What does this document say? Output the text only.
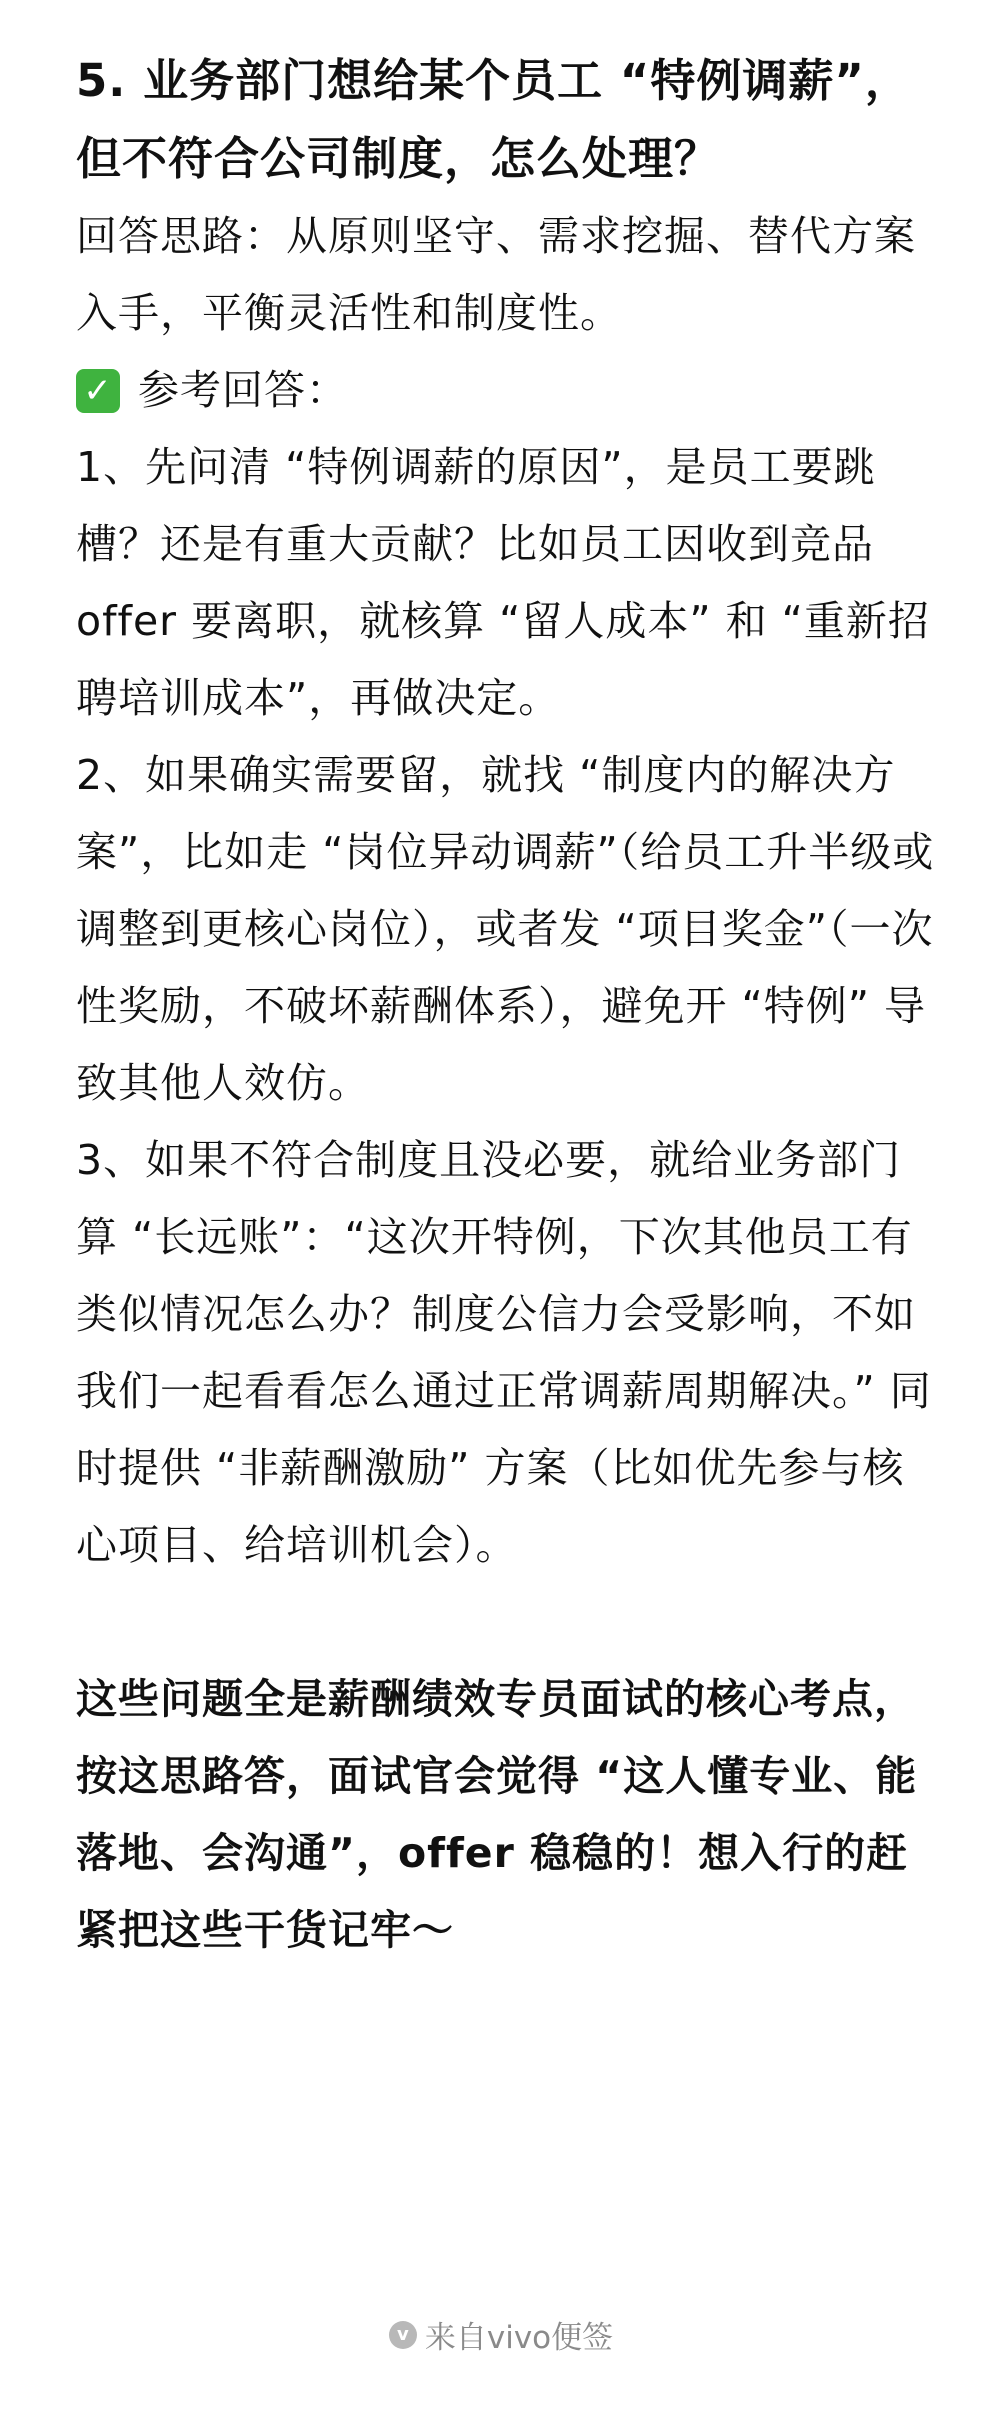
5. 业务部门想给某个员工 “特例调薪”，但不符合公司制度，怎么处理？

回答思路：从原则坚守、需求挖掘、替代方案入手，平衡灵活性和制度性。

✓ 参考回答：

1、先问清 “特例调薪的原因”，是员工要跳槽？还是有重大贡献？比如员工因收到竞品 offer 要离职，就核算 “留人成本” 和 “重新招聘培训成本”，再做决定。

2、如果确实需要留，就找 “制度内的解决方案”，比如走 “岗位异动调薪”（给员工升半级或调整到更核心岗位），或者发 “项目奖金”（一次性奖励，不破坏薪酬体系），避免开 “特例” 导致其他人效仿。

3、如果不符合制度且没必要，就给业务部门算 “长远账”：“这次开特例，下次其他员工有类似情况怎么办？制度公信力会受影响，不如我们一起看看怎么通过正常调薪周期解决。” 同时提供 “非薪酬激励” 方案（比如优先参与核心项目、给培训机会）。

这些问题全是薪酬绩效专员面试的核心考点，按这思路答，面试官会觉得 “这人懂专业、能落地、会沟通”，offer 稳稳的！想入行的赶紧把这些干货记牢～

v 来自vivo便签
